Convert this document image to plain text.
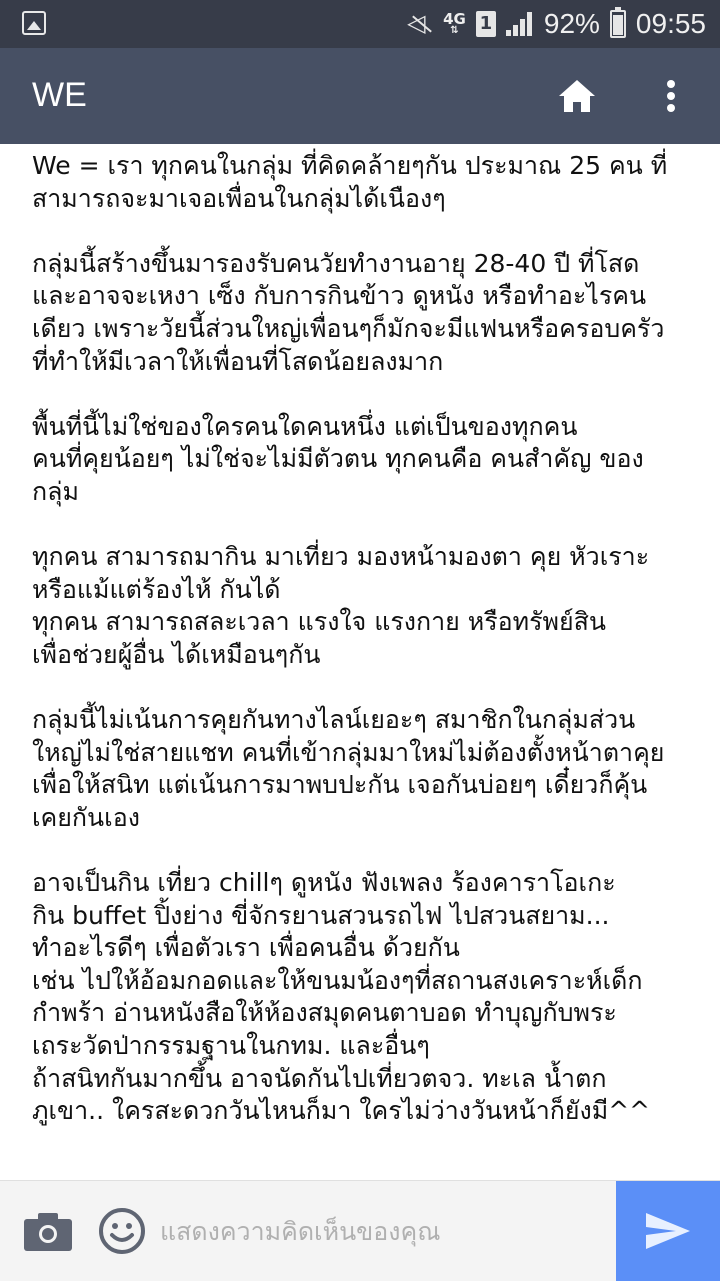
◁
4G
⇅	1 92% 09:55
WE

We = เรา ทุกคนในกลุ่ม ที่คิดคล้ายๆกัน ประมาณ 25 คน ที่

สามารถจะมาเจอเพื่อนในกลุ่มได้เนืองๆ

กลุ่มนี้สร้างขึ้นมารองรับคนวัยทำงานอายุ 28-40 ปี ที่โสด

และอาจจะเหงา เซ็ง กับการกินข้าว ดูหนัง หรือทำอะไรคน

เดียว เพราะวัยนี้ส่วนใหญ่เพื่อนๆก็มักจะมีแฟนหรือครอบครัว

ที่ทำให้มีเวลาให้เพื่อนที่โสดน้อยลงมาก

พื้นที่นี้ไม่ใช่ของใครคนใดคนหนึ่ง แต่เป็นของทุกคน

คนที่คุยน้อยๆ ไม่ใช่จะไม่มีตัวตน ทุกคนคือ คนสำคัญ ของ

กลุ่ม

ทุกคน สามารถมากิน มาเที่ยว มองหน้ามองตา คุย หัวเราะ

หรือแม้แต่ร้องไห้ กันได้

ทุกคน สามารถสละเวลา แรงใจ แรงกาย หรือทรัพย์สิน

เพื่อช่วยผู้อื่น ได้เหมือนๆกัน

กลุ่มนี้ไม่เน้นการคุยกันทางไลน์เยอะๆ สมาชิกในกลุ่มส่วน

ใหญ่ไม่ใช่สายแชท คนที่เข้ากลุ่มมาใหม่ไม่ต้องตั้งหน้าตาคุย

เพื่อให้สนิท แต่เน้นการมาพบปะกัน เจอกันบ่อยๆ เดี๋ยวก็คุ้น

เคยกันเอง

อาจเป็นกิน เที่ยว chillๆ ดูหนัง ฟังเพลง ร้องคาราโอเกะ

กิน buffet ปิ้งย่าง ขี่จักรยานสวนรถไฟ ไปสวนสยาม...

ทำอะไรดีๆ เพื่อตัวเรา เพื่อคนอื่น ด้วยกัน

เช่น ไปให้อ้อมกอดและให้ขนมน้องๆที่สถานสงเคราะห์เด็ก

กำพร้า อ่านหนังสือให้ห้องสมุดคนตาบอด ทำบุญกับพระ

เถระวัดป่ากรรมฐานในกทม. และอื่นๆ

ถ้าสนิทกันมากขึ้น อาจนัดกันไปเที่ยวตจว. ทะเล น้ำตก

ภูเขา.. ใครสะดวกวันไหนก็มา ใครไม่ว่างวันหน้าก็ยังมี^^

แสดงความคิดเห็นของคุณ
